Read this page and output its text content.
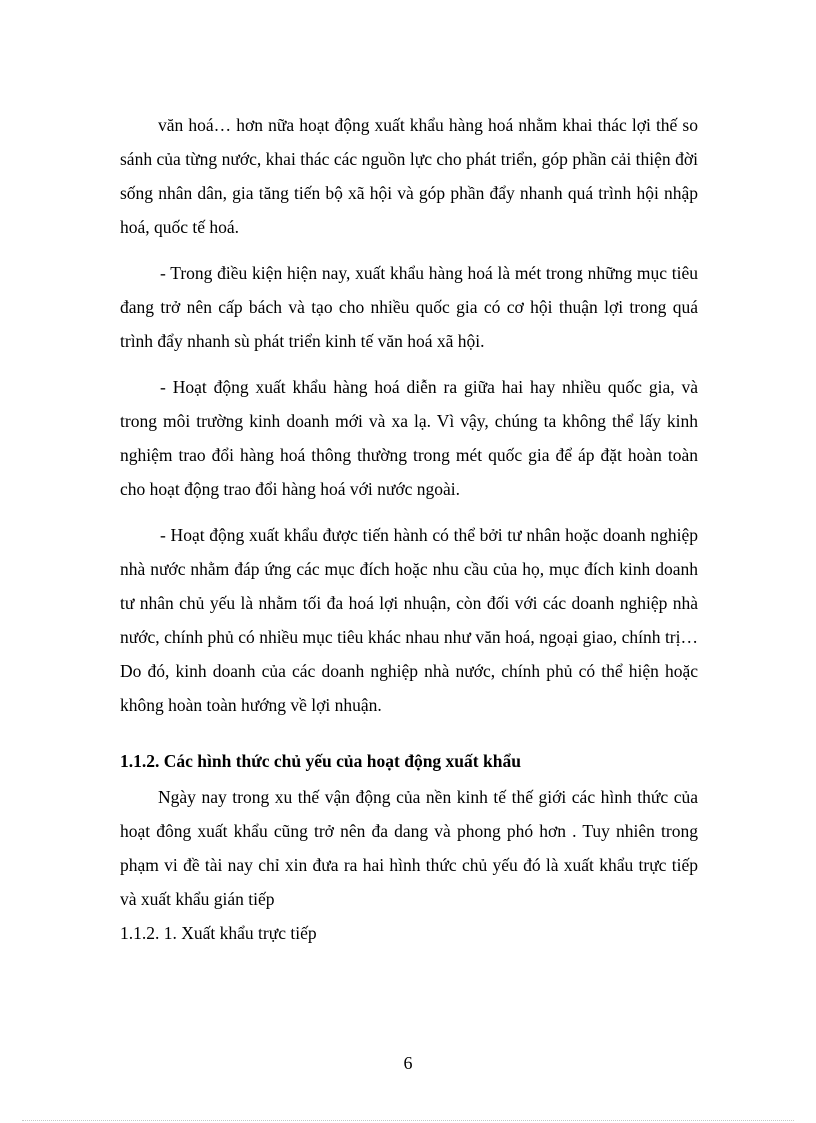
văn hoá… hơn nữa hoạt động xuất khẩu hàng hoá nhằm khai thác lợi thế so sánh của từng nước, khai thác các nguồn lực cho phát triển, góp phần cải thiện đời sống nhân dân, gia tăng tiến bộ xã hội và góp phần đẩy nhanh quá trình hội nhập hoá, quốc tế hoá.

- Trong điều kiện hiện nay, xuất khẩu hàng hoá là mét trong những mục tiêu đang trở nên cấp bách và tạo cho nhiều quốc gia có cơ hội thuận lợi trong quá trình đẩy nhanh sù phát triển kinh tế văn hoá xã hội.

- Hoạt động xuất khẩu hàng hoá diễn ra giữa hai hay nhiều quốc gia, và trong môi trường kinh doanh mới và xa lạ. Vì vậy, chúng ta không thể lấy kinh nghiệm trao đổi hàng hoá thông thường trong mét quốc gia để áp đặt hoàn toàn cho hoạt động trao đổi hàng hoá với nước ngoài.

- Hoạt động xuất khẩu được tiến hành có thể bởi tư nhân hoặc doanh nghiệp nhà nước nhằm đáp ứng các mục đích hoặc nhu cầu của họ, mục đích kinh doanh tư nhân chủ yếu là nhằm tối đa hoá lợi nhuận, còn đối với các doanh nghiệp nhà nước, chính phủ có nhiều mục tiêu khác nhau như văn hoá, ngoại giao, chính trị… Do đó, kinh doanh của các doanh nghiệp nhà nước, chính phủ có thể hiện hoặc không hoàn toàn hướng về lợi nhuận.

1.1.2. Các hình thức chủ yếu của hoạt động xuất khẩu

Ngày nay trong xu thế vận động của nền kinh tế thế giới các hình thức của hoạt đông xuất khẩu cũng trở nên đa dang và phong phó hơn . Tuy nhiên trong phạm vi đề tài nay chỉ xin đưa ra hai hình thức chủ yếu đó là xuất khẩu trực tiếp và xuất khẩu gián tiếp

1.1.2. 1. Xuất khẩu trực tiếp

6
